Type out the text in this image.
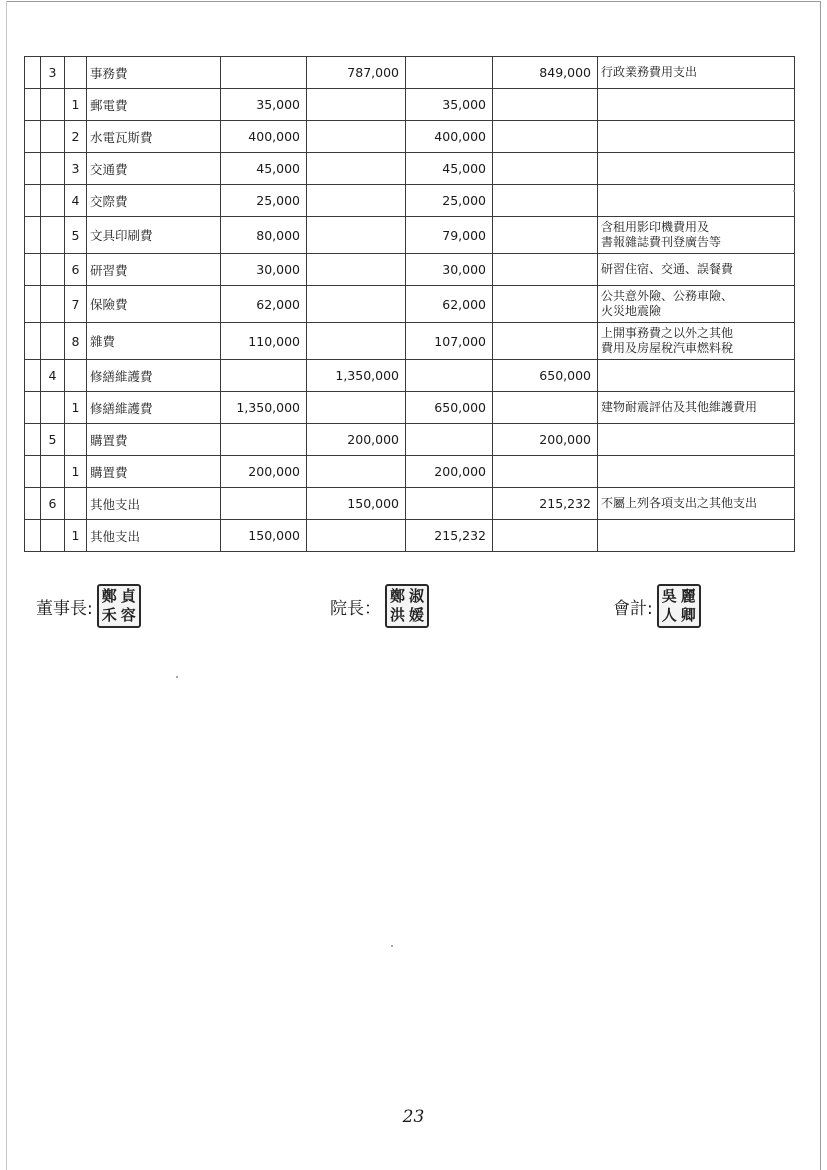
	3		事務費		787,000		849,000	行政業務費用支出

		1	郵電費	35,000		35,000		
		2	水電瓦斯費	400,000		400,000		
		3	交通費	45,000		45,000		
		4	交際費	25,000		25,000		
		5	文具印刷費	80,000		79,000		含租用影印機費用及
書報雜誌費刊登廣告等

		6	研習費	30,000		30,000		研習住宿、交通、誤餐費

		7	保險費	62,000		62,000		公共意外險、公務車險、
火災地震險

		8	雜費	110,000		107,000		上開事務費之以外之其他
費用及房屋稅汽車燃料稅

	4		修繕維護費		1,350,000		650,000	
		1	修繕維護費	1,350,000		650,000		建物耐震評估及其他維護費用

	5		購置費		200,000		200,000	
		1	購置費	200,000		200,000		
	6		其他支出		150,000		215,232	不屬上列各項支出之其他支出

		1	其他支出	150,000		215,232		
董事長:
鄭 貞
禾 容	院長：
鄭 淑
洪 媛	會計:
吳 麗
人 卿
23
